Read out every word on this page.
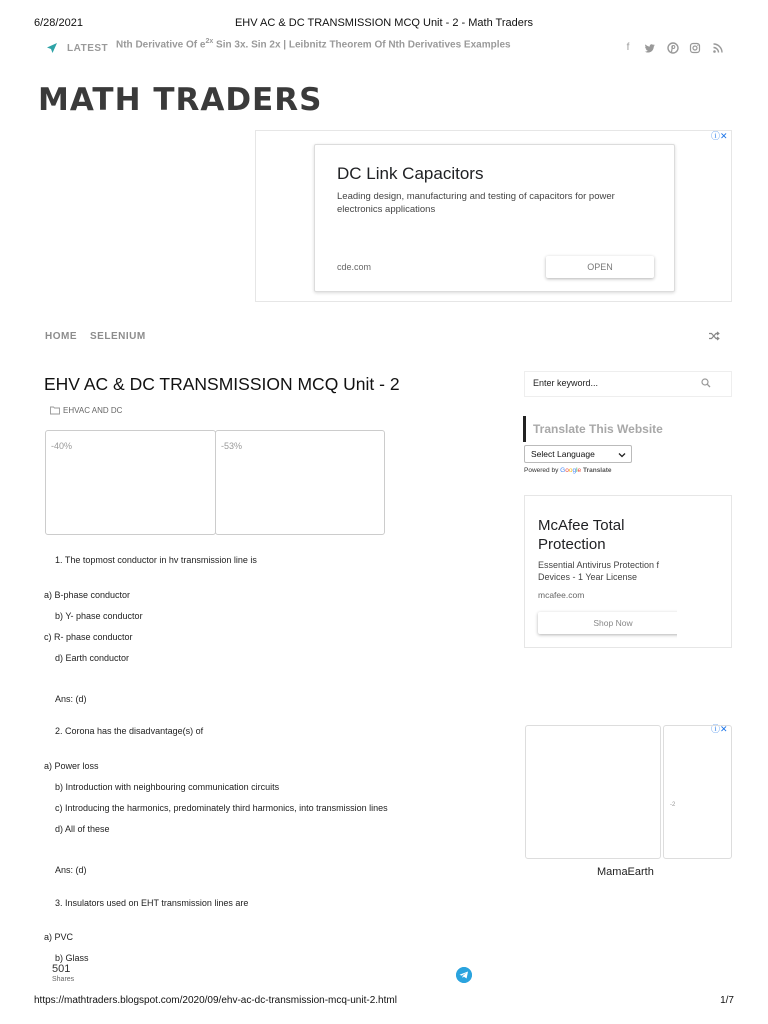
6/28/2021	EHV AC & DC TRANSMISSION MCQ Unit - 2 - Math Traders
LATEST Nth Derivative Of $e^{2x}$ Sin 3x. Sin 2x | Leibnitz Theorem Of Nth Derivatives Examples	f
MATH TRADERS
ⓘ✕
DC Link Capacitors
Leading design, manufacturing and testing of capacitors for power electronics applications
cde.com	OPEN
HOME SELENIUM
EHV AC & DC TRANSMISSION MCQ Unit - 2
EHVAC AND DC
-40%	-53%
1. The topmost conductor in hv transmission line is
a) B-phase conductor
b) Y- phase conductor
c) R- phase conductor
d) Earth conductor
Ans: (d)
2. Corona has the disadvantage(s) of
a) Power loss
b) Introduction with neighbouring communication circuits
c) Introducing the harmonics, predominately third harmonics, into transmission lines
d) All of these
Ans: (d)
3. Insulators used on EHT transmission lines are
a) PVC
b) Glass
Enter keyword...
Translate This Website
Select Language
Powered by Google Translate
McAfee Total Protection
Essential Antivirus Protection f
Devices - 1 Year License
mcafee.com
Shop Now
ⓘ✕
-2
MamaEarth
501
Shares
https://mathtraders.blogspot.com/2020/09/ehv-ac-dc-transmission-mcq-unit-2.html	1/7
